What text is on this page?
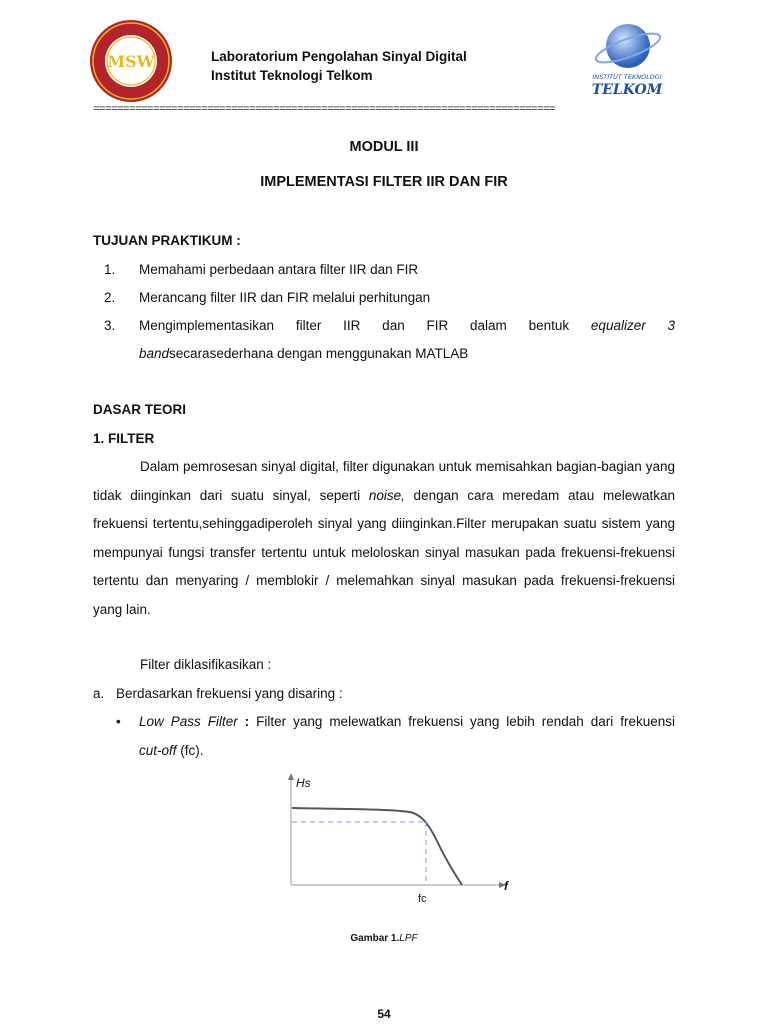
MSW	Laboratorium Pengolahan Sinyal Digital
Institut Teknologi Telkom	INSTITUT TEKNOLOGI
TELKOM
=============================================================================
MODUL III
IMPLEMENTASI FILTER IIR DAN FIR
TUJUAN PRAKTIKUM :
1. Memahami perbedaan antara filter IIR dan FIR
2. Merancang filter IIR dan FIR melalui perhitungan
3. Mengimplementasikan filter IIR dan FIR dalam bentuk equalizer 3
bandsecarasederhana dengan menggunakan MATLAB
DASAR TEORI
1. FILTER
Dalam pemrosesan sinyal digital, filter digunakan untuk memisahkan bagian-bagian yang tidak diinginkan dari suatu sinyal, seperti noise, dengan cara meredam atau melewatkan frekuensi tertentu,sehinggadiperoleh sinyal yang diinginkan.Filter merupakan suatu sistem yang mempunyai fungsi transfer tertentu untuk meloloskan sinyal masukan pada frekuensi-frekuensi tertentu dan menyaring / memblokir / melemahkan sinyal masukan pada frekuensi-frekuensi yang lain.
Filter diklasifikasikan :
a. Berdasarkan frekuensi yang disaring :
• Low Pass Filter : Filter yang melewatkan frekuensi yang lebih rendah dari frekuensi
cut-off (fc).
Hs
f
fc
Gambar 1.LPF
54
